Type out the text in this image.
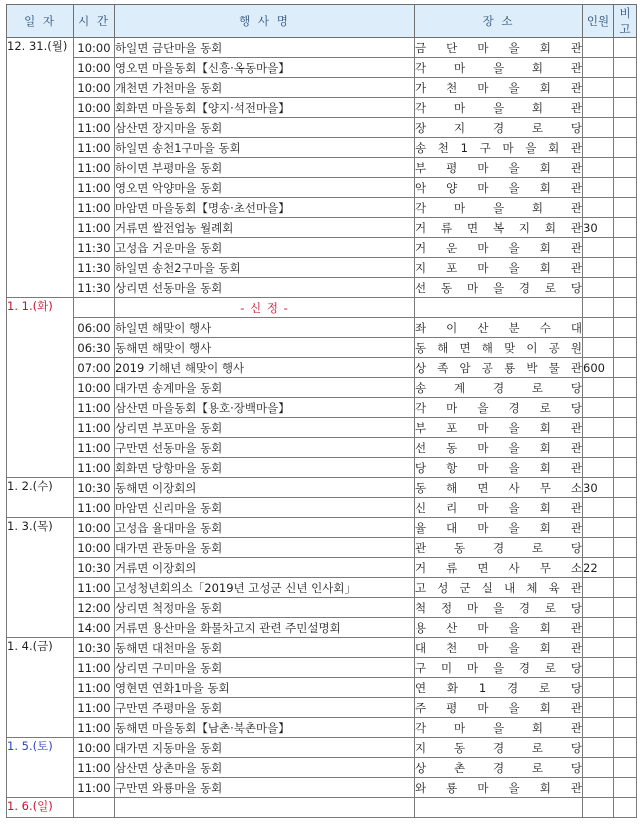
일 자	시 간	행 사 명	장 소	인원	비고
12. 31.(월)	10:00	하일면 금단마을 동회	금 단 마 을 회 관		

	10:00	영오면 마을동회【신흥·옥동마을】	각 마 을 회 관		

	10:00	개천면 가천마을 동회	가 천 마 을 회 관		

	10:00	회화면 마을동회【양지·석전마을】	각 마 을 회 관		

	11:00	삼산면 장지마을 동회	장 지 경 로 당		

	11:00	하일면 송천1구마을 동회	송 천 1 구 마 을 회 관		

	11:00	하이면 부평마을 동회	부 평 마 을 회 관		

	11:00	영오면 악양마을 동회	악 양 마 을 회 관		

	11:00	마암면 마을동회【명송·초선마을】	각 마 을 회 관		

	11:00	거류면 쌀전업농 월례회	거 류 면 복 지 회 관	30	
	11:30	고성읍 거운마을 동회	거 운 마 을 회 관		

	11:30	하일면 송천2구마을 동회	지 포 마 을 회 관		

	11:30	상리면 선동마을 동회	선 동 마 을 경 로 당		

1. 1.(화)		- 신 정 -			
	06:00	하일면 해맞이 행사	좌 이 산 분 수 대		

	06:30	동해면 해맞이 행사	동 해 면 해 맞 이 공 원		

	07:00	2019 기해년 해맞이 행사	상 족 암 공 룡 박 물 관	600	
	10:00	대가면 송계마을 동회	송 계 경 로 당		

	11:00	삼산면 마을동회【용호·장백마을】	각 마 을 경 로 당		

	11:00	상리면 부포마을 동회	부 포 마 을 회 관		

	11:00	구만면 선동마을 동회	선 동 마 을 회 관		

	11:00	회화면 당항마을 동회	당 항 마 을 회 관		

1. 2.(수)	10:30	동해면 이장회의	동 해 면 사 무 소	30	
	11:00	마암면 신리마을 동회	신 리 마 을 회 관		

1. 3.(목)	10:00	고성읍 율대마을 동회	율 대 마 을 회 관		

	10:00	대가면 관동마을 동회	관 동 경 로 당		

	10:30	거류면 이장회의	거 류 면 사 무 소	22	
	11:00	고성청년회의소「2019년 고성군 신년 인사회」	고 성 군 실 내 체 육 관		

	12:00	상리면 척정마을 동회	척 정 마 을 경 로 당		

	14:00	거류면 용산마을 화물차고지 관련 주민설명회	용 산 마 을 회 관		

1. 4.(금)	10:30	동해면 대천마을 동회	대 천 마 을 회 관		

	11:00	상리면 구미마을 동회	구 미 마 을 경 로 당		

	11:00	영현면 연화1마을 동회	연 화 1 경 로 당		

	11:00	구만면 주평마을 동회	주 평 마 을 회 관		

	11:00	동해면 마을동회【남촌·북촌마을】	각 마 을 회 관		

1. 5.(토)	10:00	대가면 지동마을 동회	지 동 경 로 당		

	11:00	삼산면 상촌마을 동회	상 촌 경 로 당		

	11:00	구만면 와룡마을 동회	와 룡 마 을 회 관		

1. 6.(일)					
